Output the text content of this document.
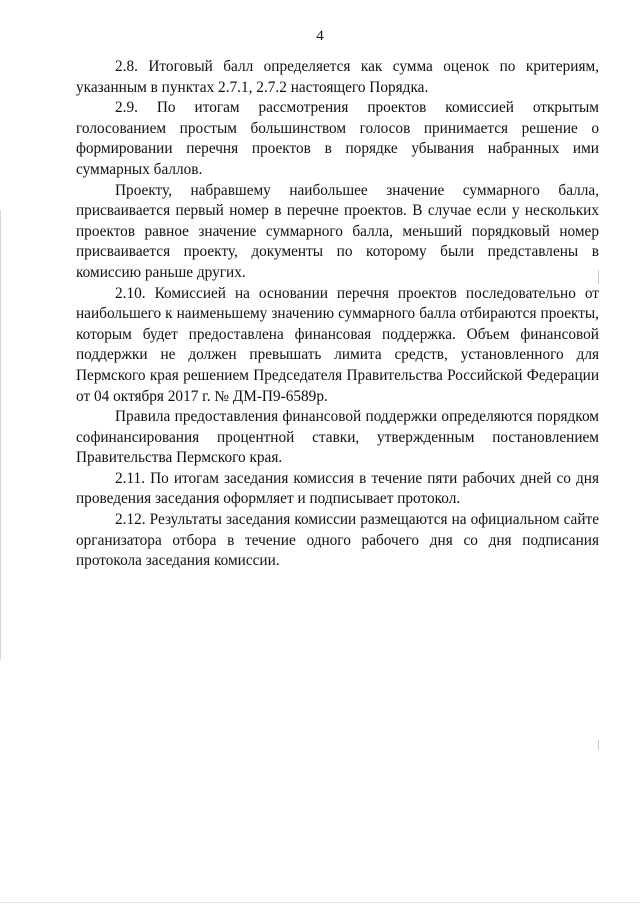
4

2.8. Итоговый балл определяется как сумма оценок по критериям, указанным в пунктах 2.7.1, 2.7.2 настоящего Порядка.

2.9. По итогам рассмотрения проектов комиссией открытым голосованием простым большинством голосов принимается решение о формировании перечня проектов в порядке убывания набранных ими суммарных баллов.

Проекту, набравшему наибольшее значение суммарного балла, присваивается первый номер в перечне проектов. В случае если у нескольких проектов равное значение суммарного балла, меньший порядковый номер присваивается проекту, документы по которому были представлены в комиссию раньше других.

2.10. Комиссией на основании перечня проектов последовательно от наибольшего к наименьшему значению суммарного балла отбираются проекты, которым будет предоставлена финансовая поддержка. Объем финансовой поддержки не должен превышать лимита средств, установленного для Пермского края решением Председателя Правительства Российской Федерации от 04 октября 2017 г. № ДМ-П9-6589р.

Правила предоставления финансовой поддержки определяются порядком софинансирования процентной ставки, утвержденным постановлением Правительства Пермского края.

2.11. По итогам заседания комиссия в течение пяти рабочих дней со дня проведения заседания оформляет и подписывает протокол.

2.12. Результаты заседания комиссии размещаются на официальном сайте организатора отбора в течение одного рабочего дня со дня подписания протокола заседания комиссии.
